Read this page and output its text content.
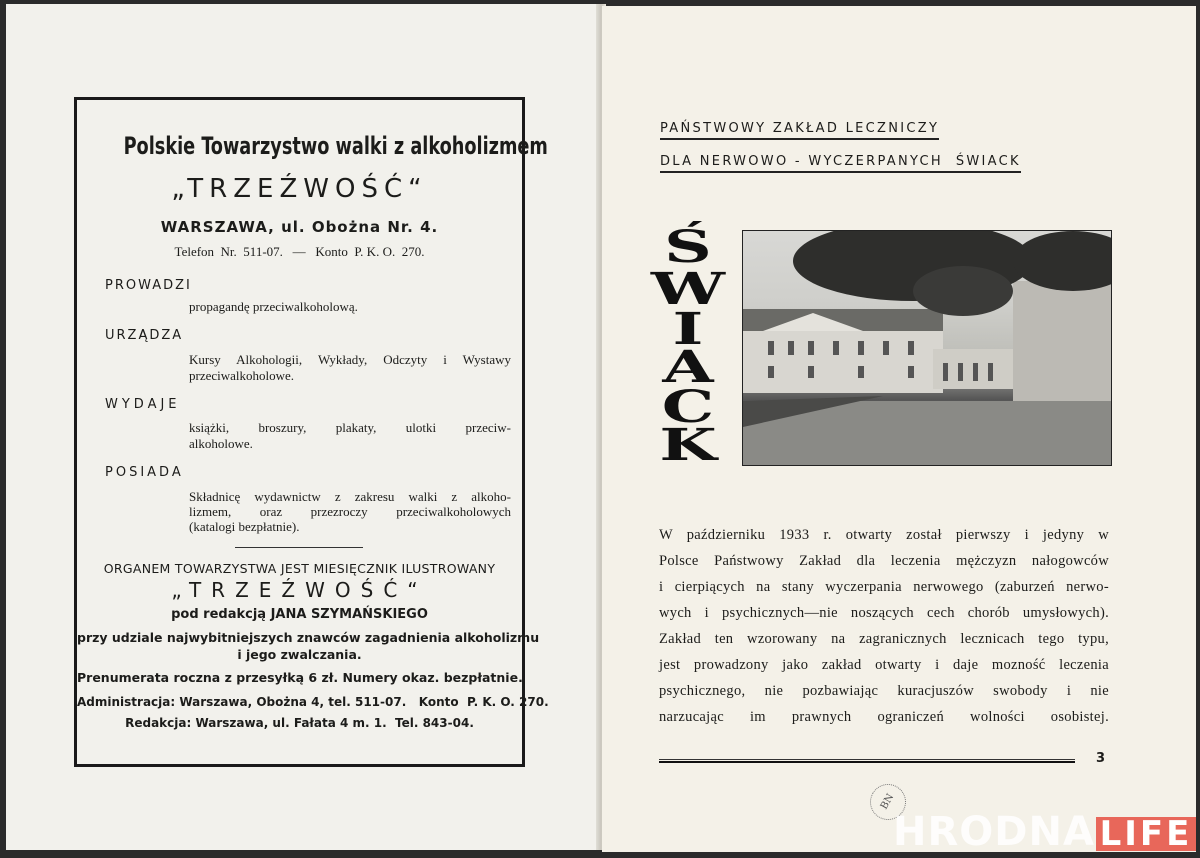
Polskie Towarzystwo walki z alkoholizmem
„TRZEŹWOŚĆ“
WARSZAWA, ul. Obożna Nr. 4.
Telefon  Nr.  511-07.   —   Konto  P. K. O.  270.
PROWADZI
propagandę przeciwalkoholową.
URZĄDZA
Kursy Alkohologii, Wykłady, Odczyty i Wystawy
przeciwalkoholowe.
WYDAJE
książki, broszury, plakaty, ulotki przeciw-
alkoholowe.
POSIADA
Składnicę wydawnictw z zakresu walki z alkoho-
lizmem, oraz przezroczy przeciwalkoholowych
(katalogi bezpłatnie).
ORGANEM TOWARZYSTWA JEST MIESIĘCZNIK ILUSTROWANY
„TRZEŹWOŚĆ“
pod redakcją JANA SZYMAŃSKIEGO
przy udziale najwybitniejszych znawców zagadnienia alkoholizmu
i jego zwalczania.
Prenumerata roczna z przesyłką 6 zł. Numery okaz. bezpłatnie.
Administracja: Warszawa, Obożna 4, tel. 511-07.   Konto  P. K. O. 270.
Redakcja: Warszawa, ul. Fałata 4 m. 1.  Tel. 843-04.
PAŃSTWOWY ZAKŁAD LECZNICZY
DLA NERWOWO - WYCZERPANYCH  ŚWIACK
Ś
W
I
A
C
K
W październiku 1933 r. otwarty został pierwszy i jedyny w
Polsce Państwowy Zakład dla leczenia mężczyzn nałogowców
i cierpiących na stany wyczerpania nerwowego (zaburzeń nerwo-
wych i psychicznych—nie noszących cech chorób umysłowych).
Zakład ten wzorowany na zagranicznych lecznicach tego typu,
jest prowadzony jako zakład otwarty i daje mozność leczenia
psychicznego, nie pozbawiając kuracjuszów swobody i nie
narzucając im prawnych ograniczeń wolności osobistej.
3
BN
HRODNA LIFE
